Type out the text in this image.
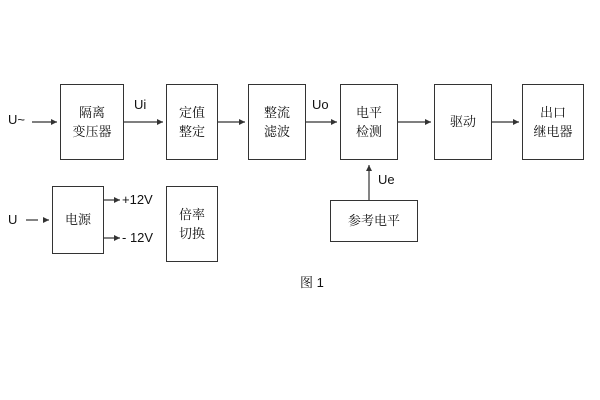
隔离
变压器
定值
整定
整流
滤波
电平
检测
驱动
出口
继电器
电源	倍率
切换
参考电平
U~
Ui	Uo
+12V
- 12V
U
Ue
图 1
